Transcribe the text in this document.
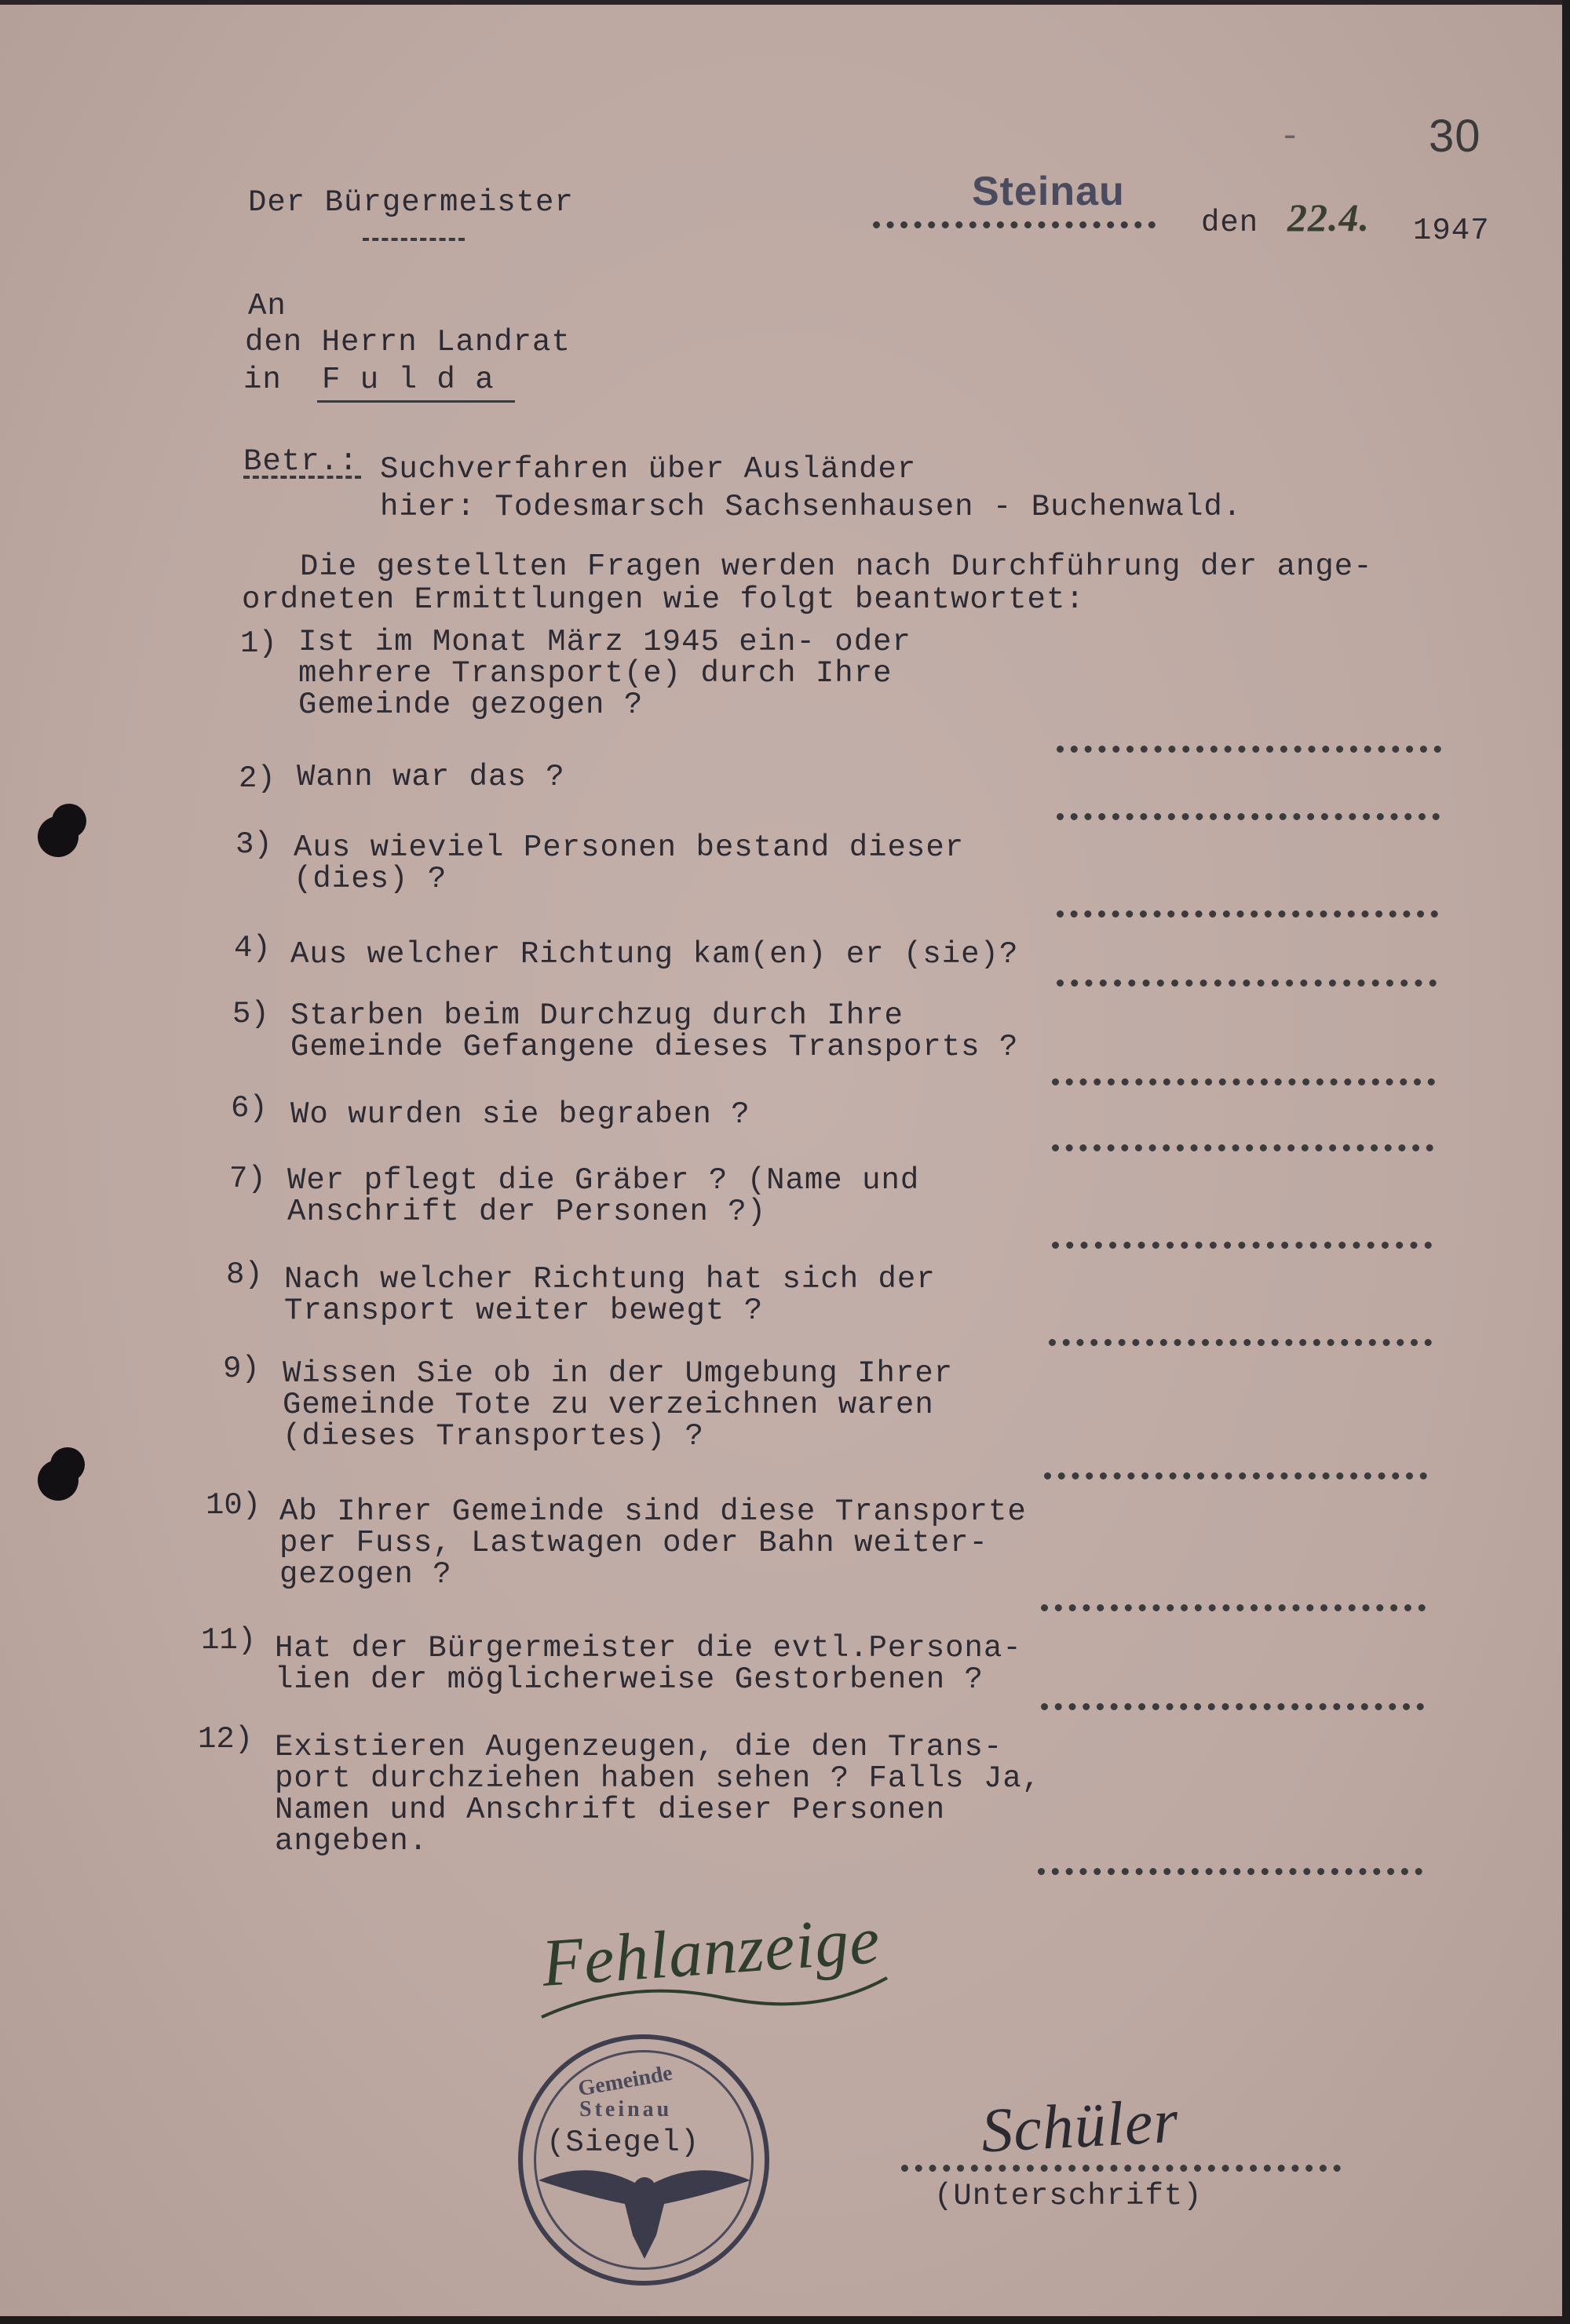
30
-
Der Bürgermeister	Steinau
den 22.4. 1947
An
den Herrn Landrat
in F u l d a
Betr.: Suchverfahren über Ausländer
hier: Todesmarsch Sachsenhausen - Buchenwald.
Die gestellten Fragen werden nach Durchführung der ange-
ordneten Ermittlungen wie folgt beantwortet:
1) Ist im Monat März 1945 ein- oder
mehrere Transport(e) durch Ihre
Gemeinde gezogen ?
2) Wann war das ?
3) Aus wieviel Personen bestand dieser
(dies) ?
4) Aus welcher Richtung kam(en) er (sie)?
5) Starben beim Durchzug durch Ihre
Gemeinde Gefangene dieses Transports ?
6) Wo wurden sie begraben ?
7) Wer pflegt die Gräber ? (Name und
Anschrift der Personen ?)
8) Nach welcher Richtung hat sich der
Transport weiter bewegt ?
9) Wissen Sie ob in der Umgebung Ihrer
Gemeinde Tote zu verzeichnen waren
(dieses Transportes) ?
10) Ab Ihrer Gemeinde sind diese Transporte
per Fuss, Lastwagen oder Bahn weiter-
gezogen ?
11) Hat der Bürgermeister die evtl.Persona-
lien der möglicherweise Gestorbenen ?
12) Existieren Augenzeugen, die den Trans-
port durchziehen haben sehen ? Falls Ja,
Namen und Anschrift dieser Personen
angeben.
Fehlanzeige
Gemeinde
Steinau
(Siegel)	Schüler
(Unterschrift)
